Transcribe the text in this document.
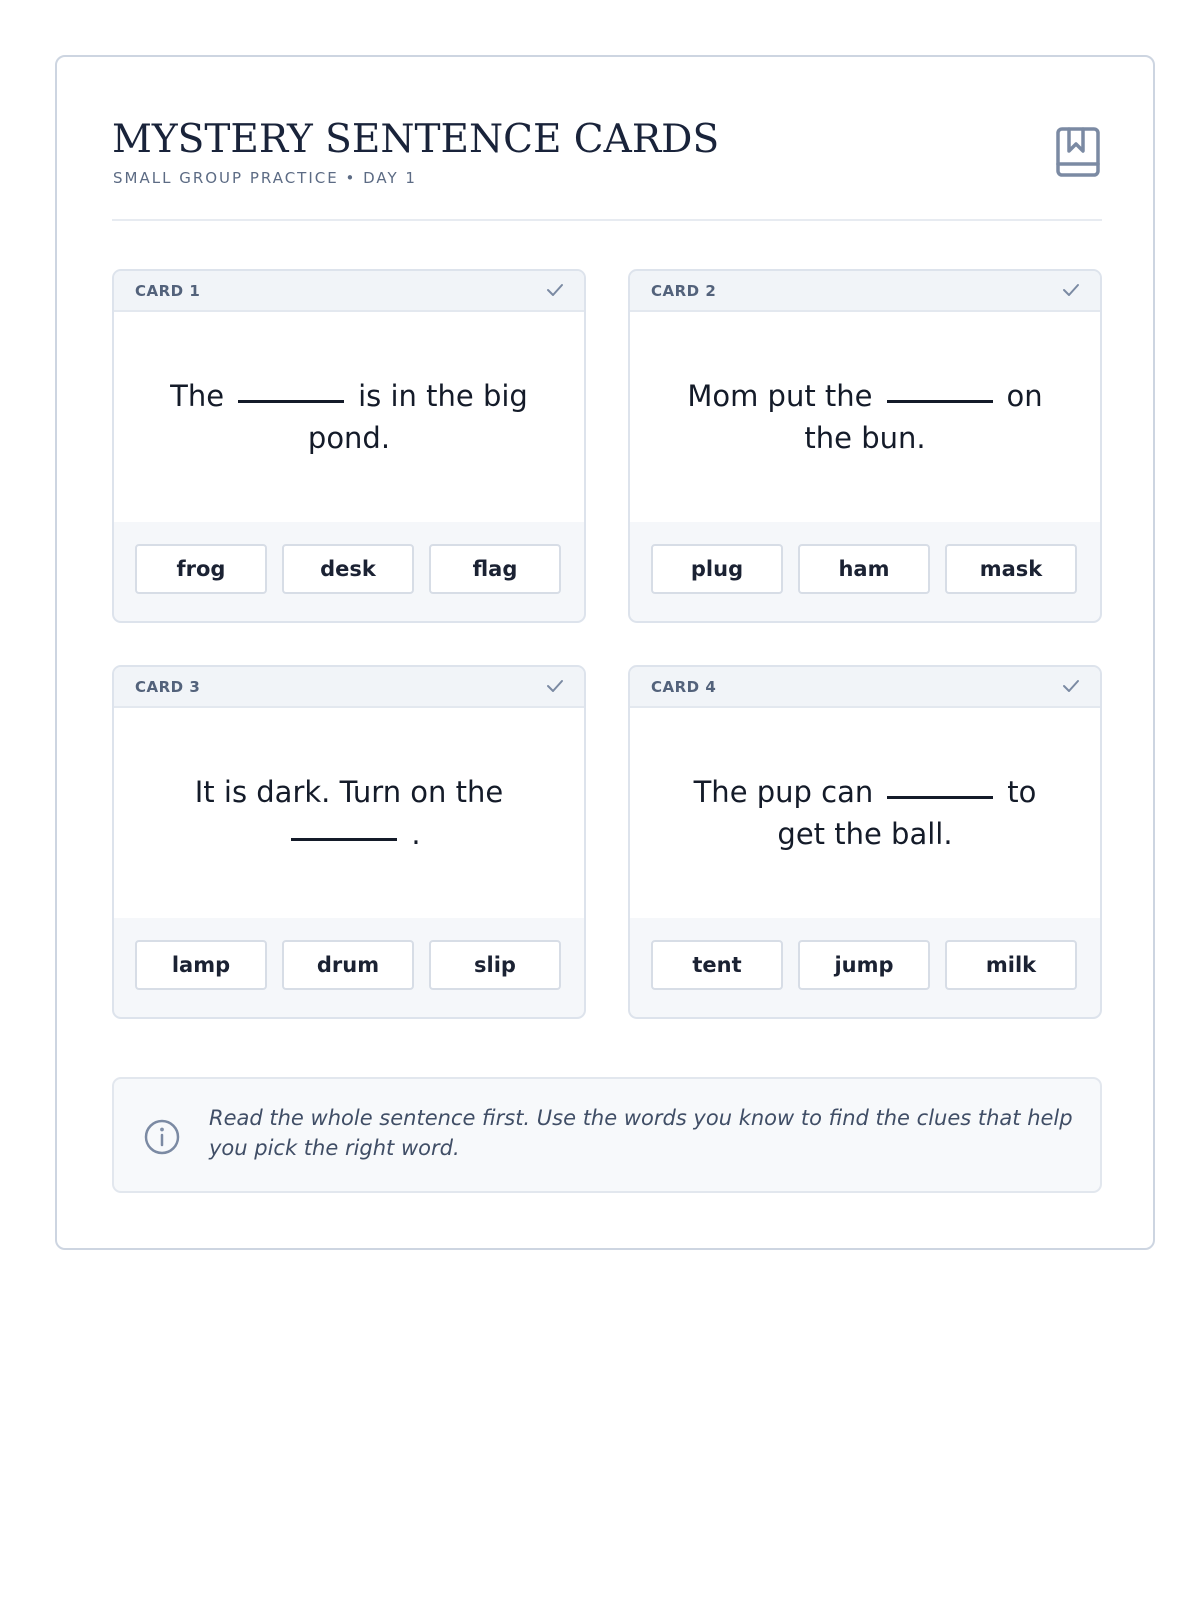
MYSTERY SENTENCE CARDS
SMALL GROUP PRACTICE • DAY 1
CARD 1
The	is in the big pond.
frog	desk	flag
CARD 2
Mom put the	on the bun.
plug	ham	mask
CARD 3
It is dark. Turn on the.
lamp	drum	slip
CARD 4
The pup can	to get the ball.
tent	jump	milk
Read the whole sentence first. Use the words you know to find the clues that help you pick the right word.
